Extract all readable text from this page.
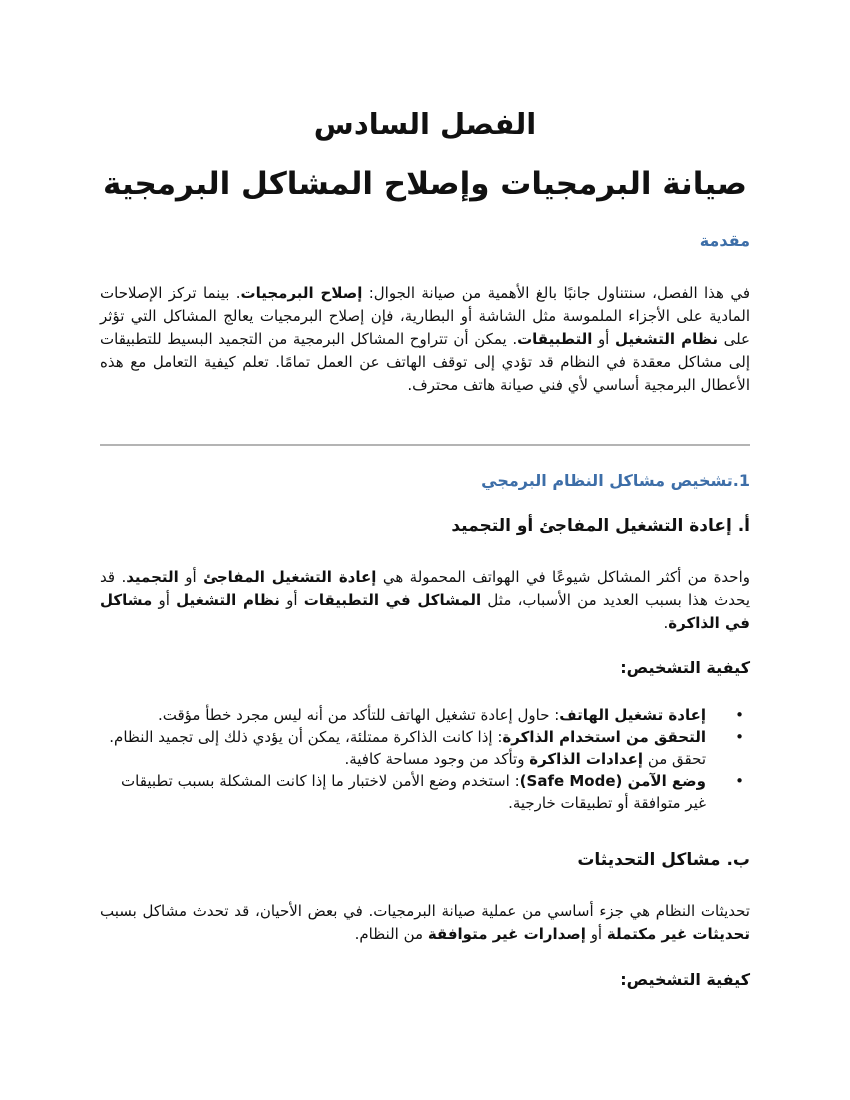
الفصل السادس
صيانة البرمجيات وإصلاح المشاكل البرمجية
مقدمة

في هذا الفصل، سنتناول جانبًا بالغ الأهمية من صيانة الجوال: إصلاح البرمجيات. بينما تركز الإصلاحات المادية على الأجزاء الملموسة مثل الشاشة أو البطارية، فإن إصلاح البرمجيات يعالج المشاكل التي تؤثر على نظام التشغيل أو التطبيقات. يمكن أن تتراوح المشاكل البرمجية من التجميد البسيط للتطبيقات إلى مشاكل معقدة في النظام قد تؤدي إلى توقف الهاتف عن العمل تمامًا. تعلم كيفية التعامل مع هذه الأعطال البرمجية أساسي لأي فني صيانة هاتف محترف.

1.تشخيص مشاكل النظام البرمجي
أ. إعادة التشغيل المفاجئ أو التجميد

واحدة من أكثر المشاكل شيوعًا في الهواتف المحمولة هي إعادة التشغيل المفاجئ أو التجميد. قد يحدث هذا بسبب العديد من الأسباب، مثل المشاكل في التطبيقات أو نظام التشغيل أو مشاكل في الذاكرة.

كيفية التشخيص:
•
إعادة تشغيل الهاتف: حاول إعادة تشغيل الهاتف للتأكد من أنه ليس مجرد خطأ مؤقت.
•
التحقق من استخدام الذاكرة: إذا كانت الذاكرة ممتلئة، يمكن أن يؤدي ذلك إلى تجميد النظام. تحقق من إعدادات الذاكرة وتأكد من وجود مساحة كافية.
•
وضع الآمن (Safe Mode): استخدم وضع الأمن لاختبار ما إذا كانت المشكلة بسبب تطبيقات غير متوافقة أو تطبيقات خارجية.
ب. مشاكل التحديثات

تحديثات النظام هي جزء أساسي من عملية صيانة البرمجيات. في بعض الأحيان، قد تحدث مشاكل بسبب تحديثات غير مكتملة أو إصدارات غير متوافقة من النظام.

كيفية التشخيص:
